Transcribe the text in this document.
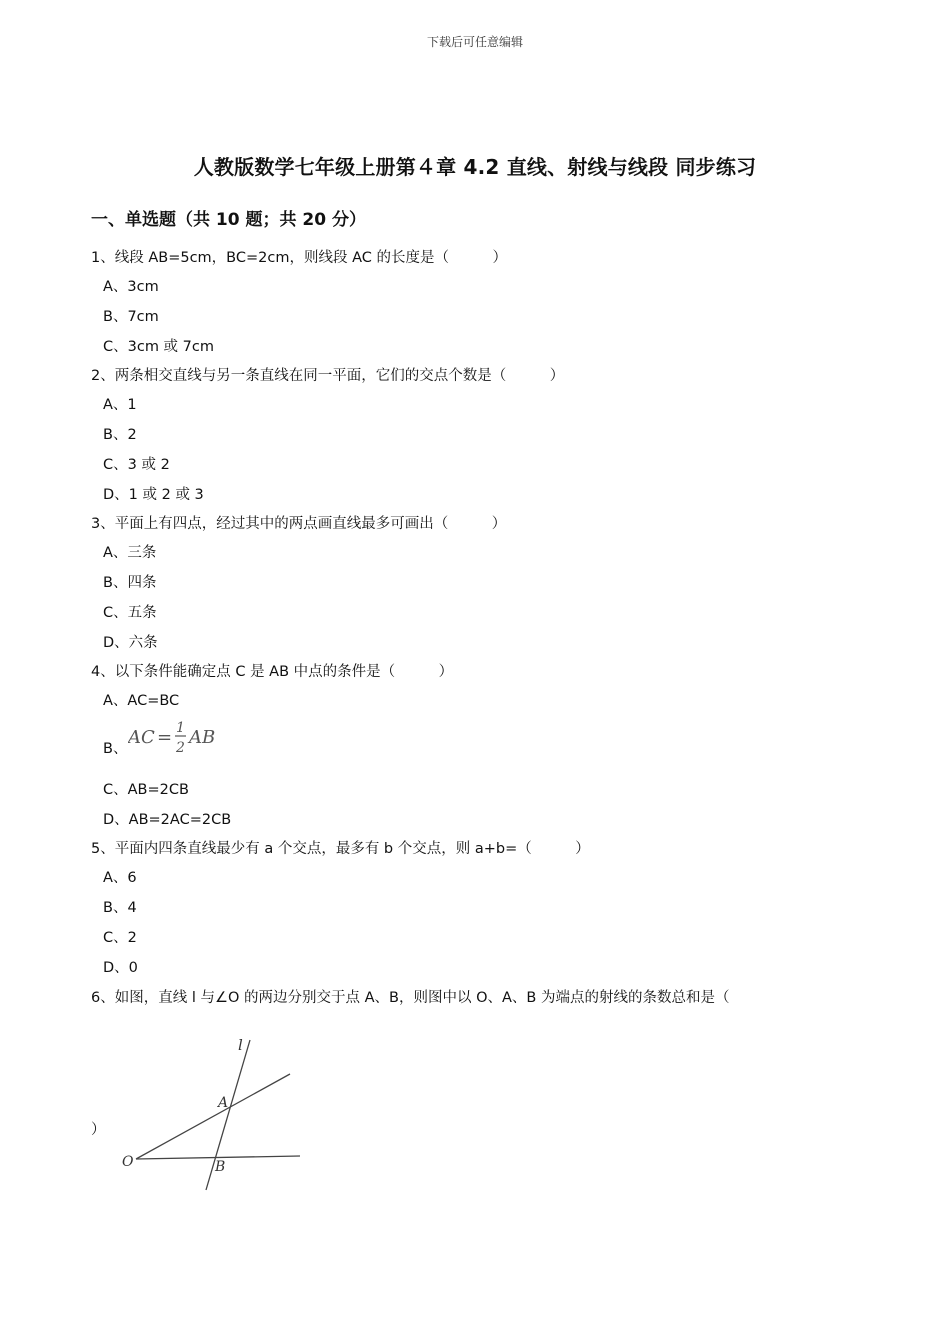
下载后可任意编辑
人教版数学七年级上册第４章 4.2 直线、射线与线段 同步练习
一、单选题（共 10 题；共 20 分）
1、线段 AB=5cm，BC=2cm，则线段 AC 的长度是（　　　）
A、3cm
B、7cm
C、3cm 或 7cm
2、两条相交直线与另一条直线在同一平面，它们的交点个数是（　　　）
A、1
B、2
C、3 或 2
D、1 或 2 或 3
3、平面上有四点，经过其中的两点画直线最多可画出（　　　）
A、三条
B、四条
C、五条
D、六条
4、以下条件能确定点 C 是 AB 中点的条件是（　　　）
A、AC=BC
B、
AC = 1
2 AB
C、AB=2CB
D、AB=2AC=2CB
5、平面内四条直线最少有 a 个交点，最多有 b 个交点，则 a+b=（　　　）
A、6
B、4
C、2
D、0
6、如图，直线 l 与∠O 的两边分别交于点 A、B，则图中以 O、A、B 为端点的射线的条数总和是（
）
l
A
B
O
